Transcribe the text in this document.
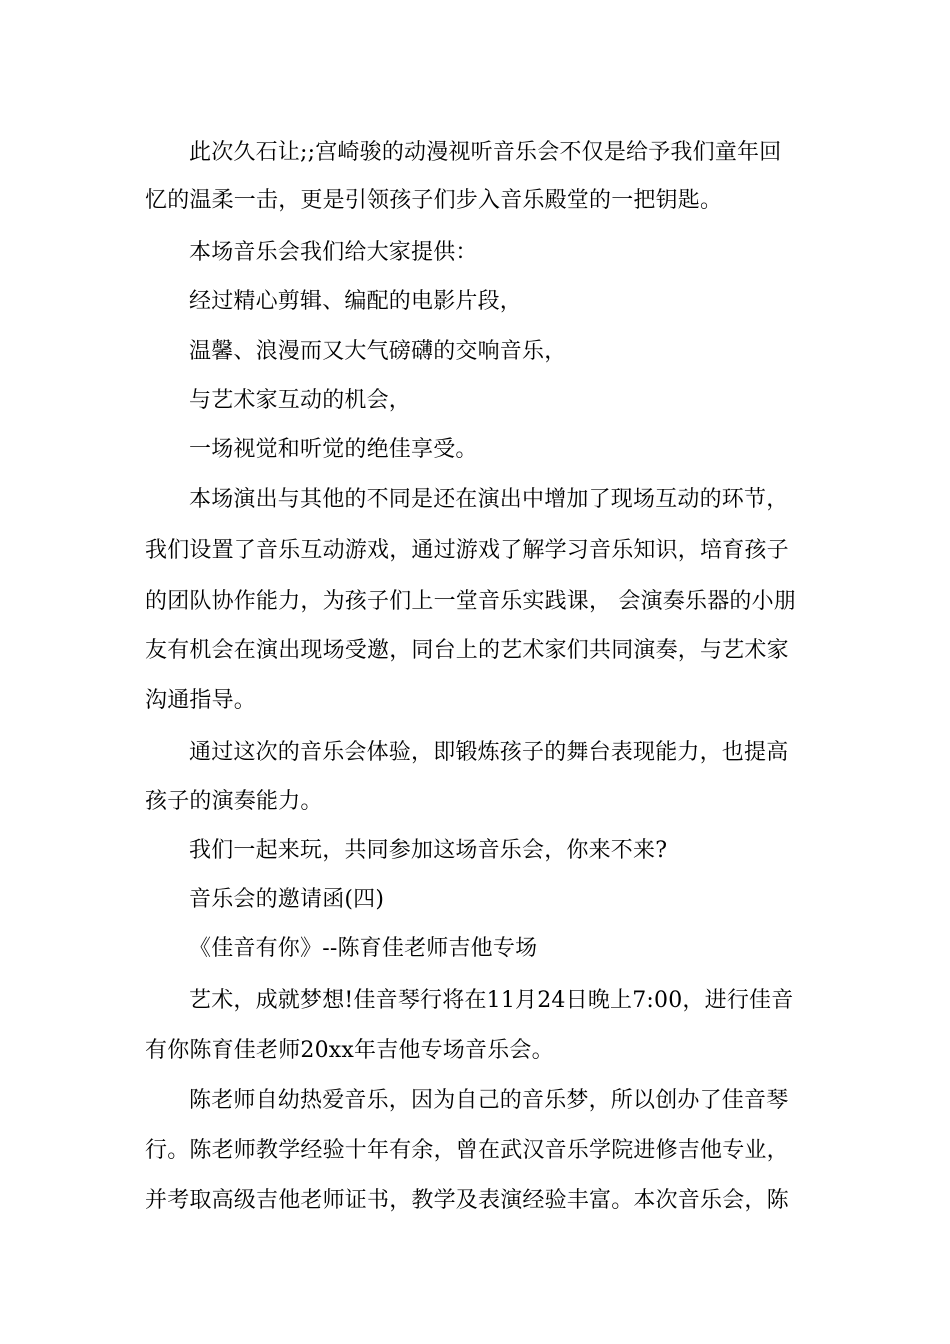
此次久石让;;宫崎骏的动漫视听音乐会不仅是给予我们童年回
忆的温柔一击，更是引领孩子们步入音乐殿堂的一把钥匙。
本场音乐会我们给大家提供：
经过精心剪辑、编配的电影片段，
温馨、浪漫而又大气磅礴的交响音乐，
与艺术家互动的机会，
一场视觉和听觉的绝佳享受。
本场演出与其他的不同是还在演出中增加了现场互动的环节，
我们设置了音乐互动游戏，通过游戏了解学习音乐知识，培育孩子
的团队协作能力，为孩子们上一堂音乐实践课， 会演奏乐器的小朋
友有机会在演出现场受邀，同台上的艺术家们共同演奏，与艺术家
沟通指导。
通过这次的音乐会体验，即锻炼孩子的舞台表现能力，也提高
孩子的演奏能力。
我们一起来玩，共同参加这场音乐会，你来不来?
音乐会的邀请函(四)
《佳音有你》--陈育佳老师吉他专场
艺术，成就梦想!佳音琴行将在11月24日晚上7:00，进行佳音
有你陈育佳老师20xx年吉他专场音乐会。
陈老师自幼热爱音乐，因为自己的音乐梦，所以创办了佳音琴
行。陈老师教学经验十年有余，曾在武汉音乐学院进修吉他专业，
并考取高级吉他老师证书，教学及表演经验丰富。本次音乐会，陈
